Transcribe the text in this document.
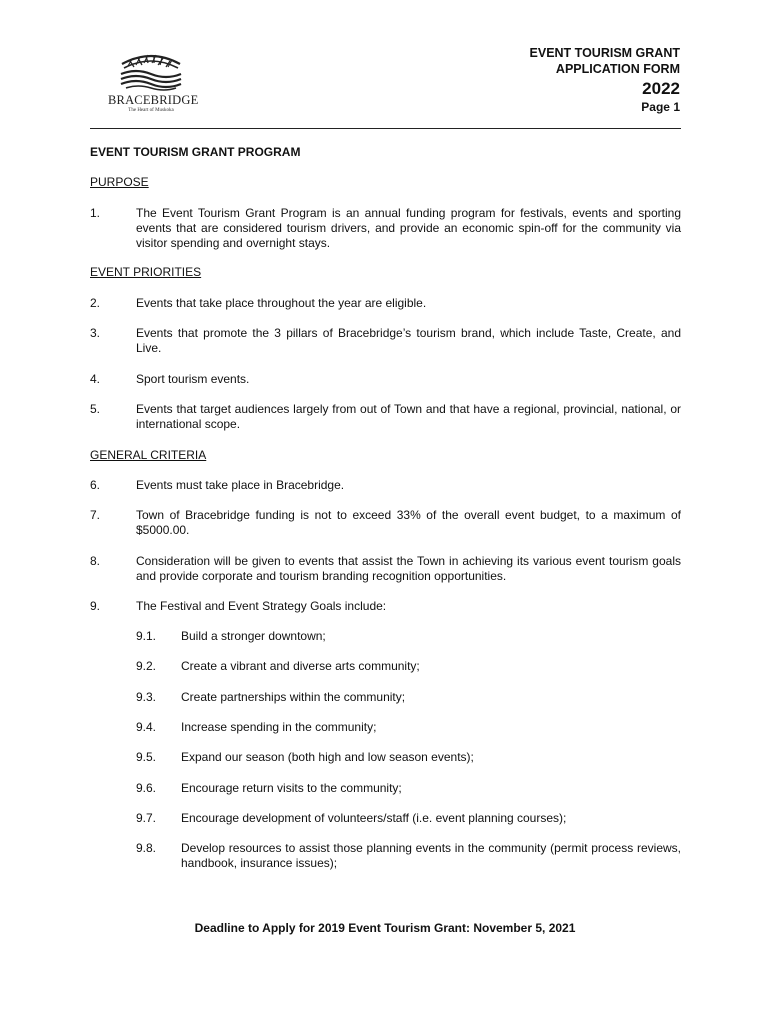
BRACEBRIDGE
The Heart of Muskoka
EVENT TOURISM GRANT
APPLICATION FORM
2022
Page 1
EVENT TOURISM GRANT PROGRAM
PURPOSE
1.	The Event Tourism Grant Program is an annual funding program for festivals, events and sporting events that are considered tourism drivers, and provide an economic spin-off for the community via visitor spending and overnight stays.
EVENT PRIORITIES
2.	Events that take place throughout the year are eligible.
3.	Events that promote the 3 pillars of Bracebridge’s tourism brand, which include Taste, Create, and Live.
4.	Sport tourism events.
5.	Events that target audiences largely from out of Town and that have a regional, provincial, national, or international scope.
GENERAL CRITERIA
6.	Events must take place in Bracebridge.
7.	Town of Bracebridge funding is not to exceed 33% of the overall event budget, to a maximum of $5000.00.
8.	Consideration will be given to events that assist the Town in achieving its various event tourism goals and provide corporate and tourism branding recognition opportunities.
9.	The Festival and Event Strategy Goals include:
9.1. Build a stronger downtown;
9.2. Create a vibrant and diverse arts community;
9.3. Create partnerships within the community;
9.4. Increase spending in the community;
9.5. Expand our season (both high and low season events);
9.6. Encourage return visits to the community;
9.7. Encourage development of volunteers/staff (i.e. event planning courses);
9.8. Develop resources to assist those planning events in the community (permit process reviews, handbook, insurance issues);
Deadline to Apply for 2019 Event Tourism Grant: November 5, 2021
